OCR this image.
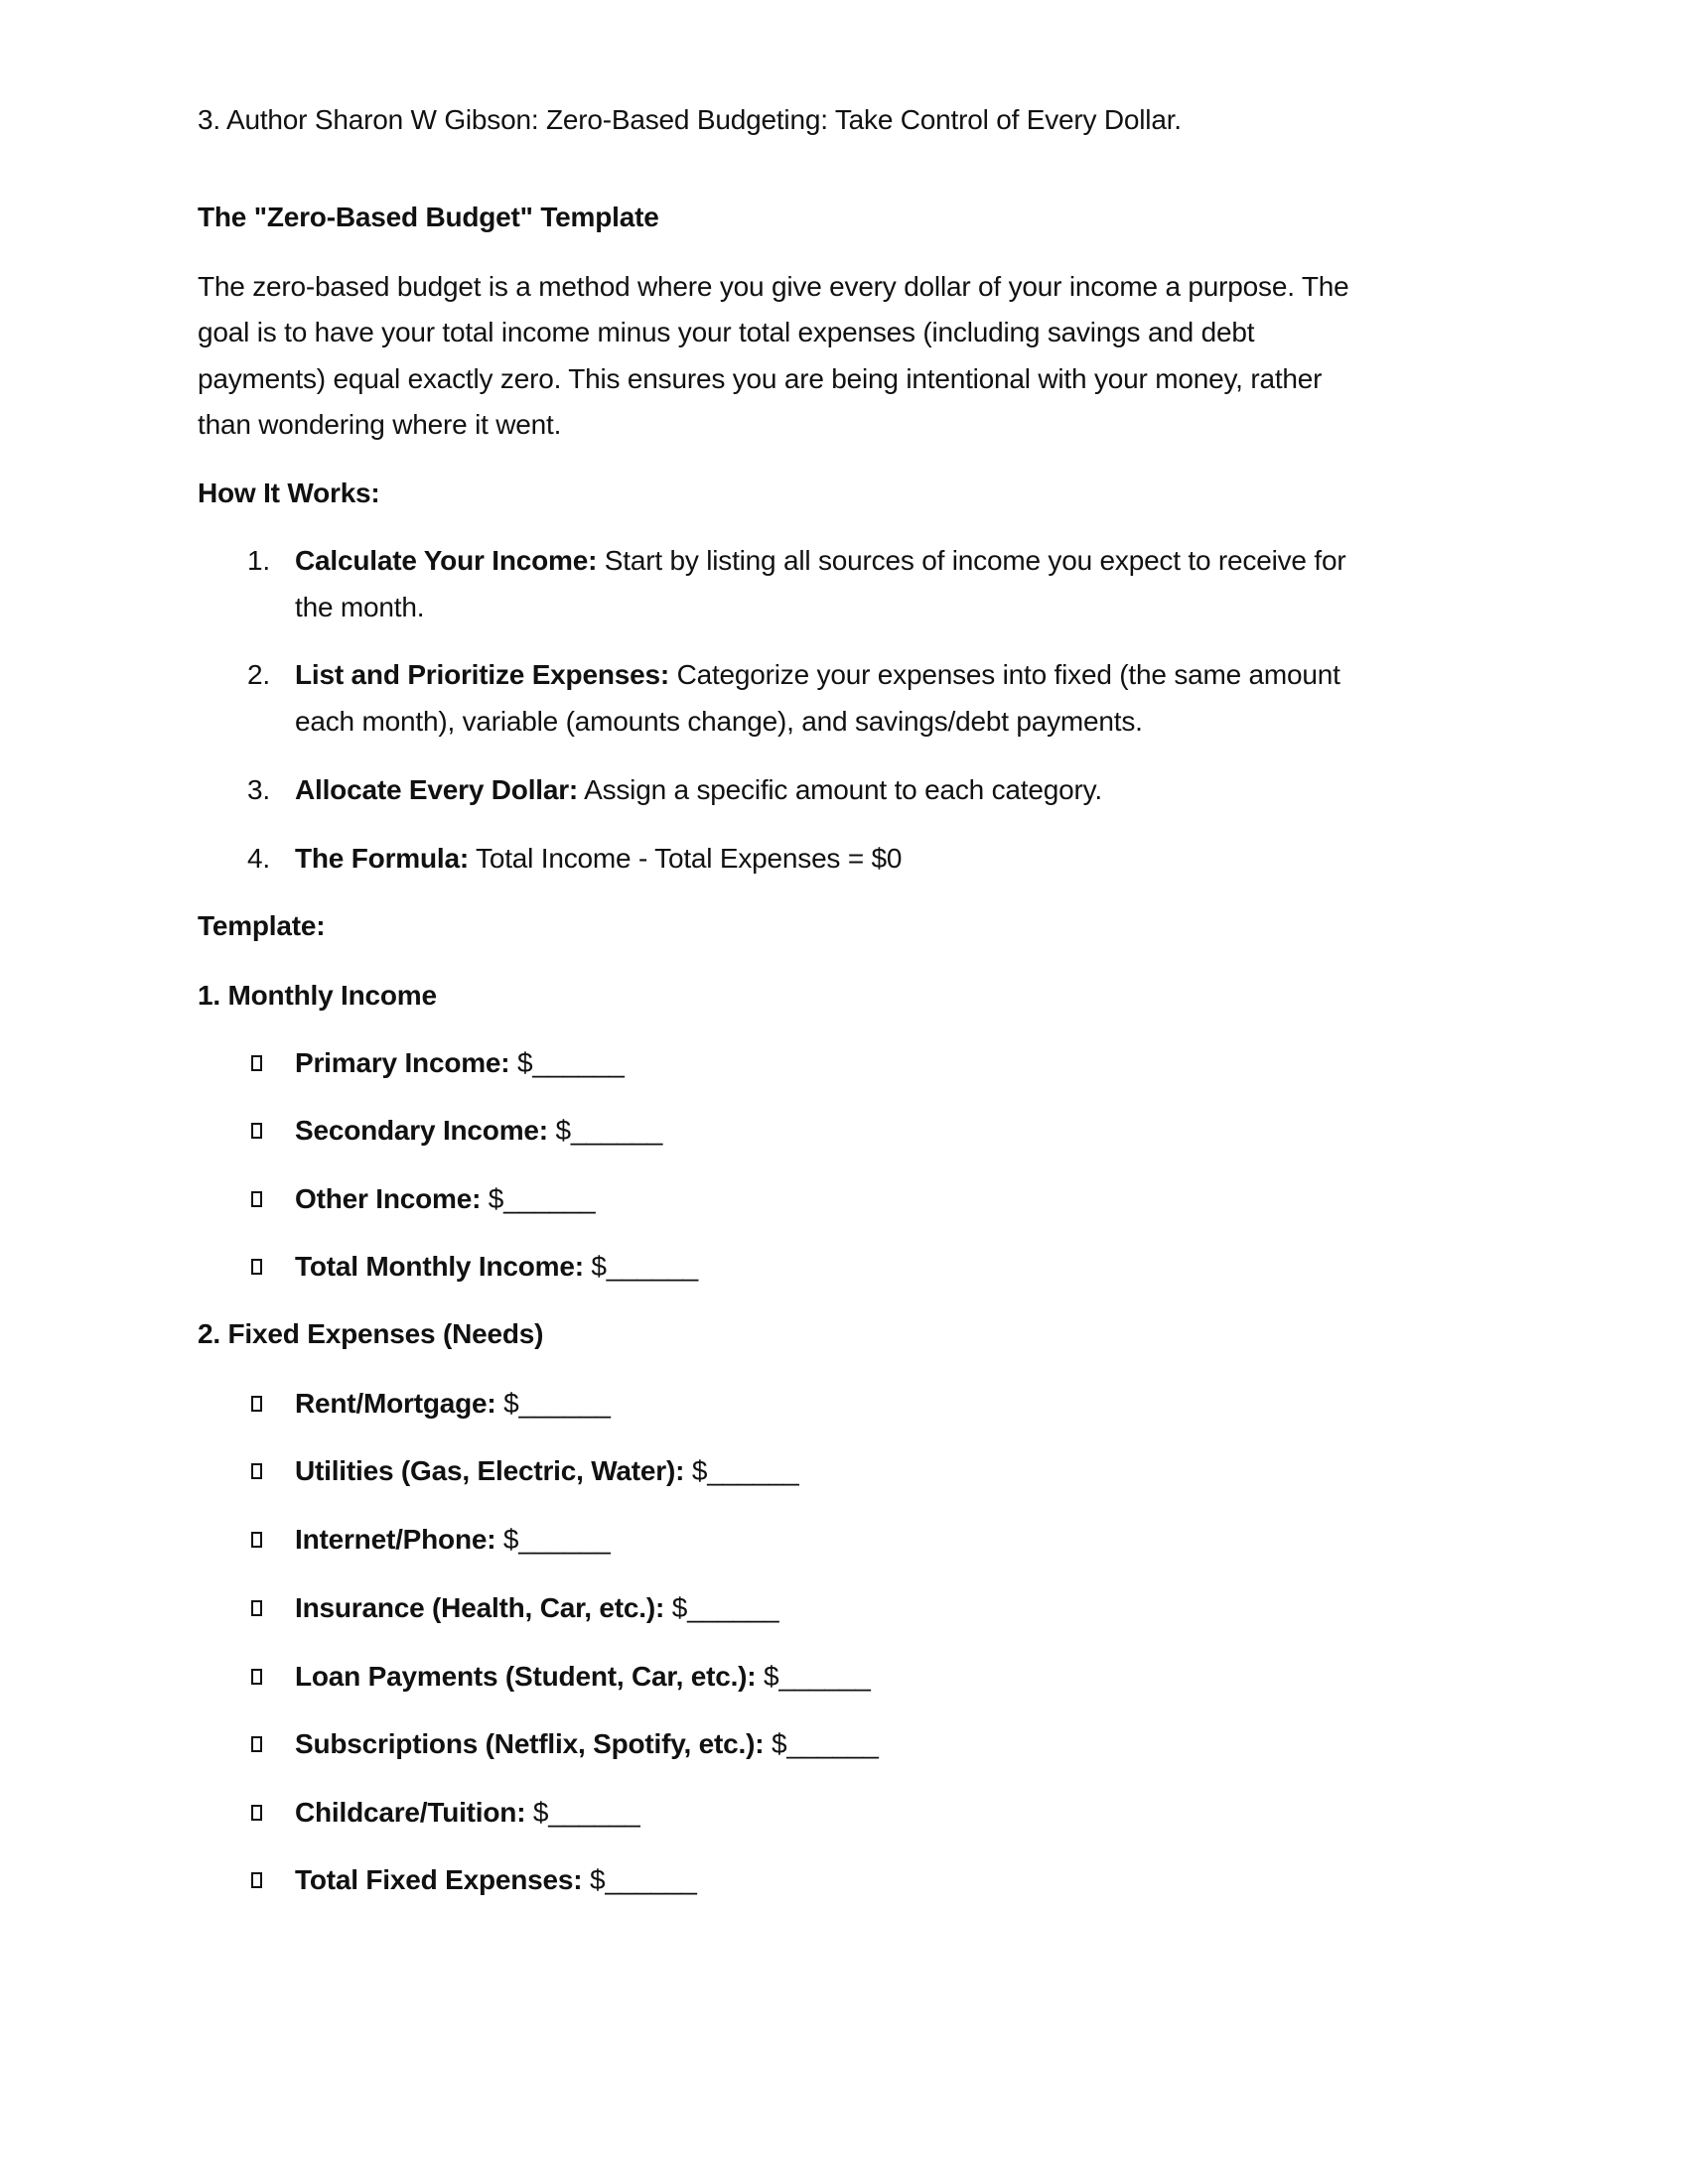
3. Author Sharon W Gibson: Zero-Based Budgeting: Take Control of Every Dollar.
The "Zero-Based Budget" Template
The zero-based budget is a method where you give every dollar of your income a purpose. The
goal is to have your total income minus your total expenses (including savings and debt
payments) equal exactly zero. This ensures you are being intentional with your money, rather
than wondering where it went.
How It Works:
1. Calculate Your Income: Start by listing all sources of income you expect to receive for
the month.
2. List and Prioritize Expenses: Categorize your expenses into fixed (the same amount
each month), variable (amounts change), and savings/debt payments.
3. Allocate Every Dollar: Assign a specific amount to each category.
4. The Formula: Total Income - Total Expenses = $0
Template:
1. Monthly Income
Primary Income: $______
Secondary Income: $______
Other Income: $______
Total Monthly Income: $______
2. Fixed Expenses (Needs)
Rent/Mortgage: $______
Utilities (Gas, Electric, Water): $______
Internet/Phone: $______
Insurance (Health, Car, etc.): $______
Loan Payments (Student, Car, etc.): $______
Subscriptions (Netflix, Spotify, etc.): $______
Childcare/Tuition: $______
Total Fixed Expenses: $______
